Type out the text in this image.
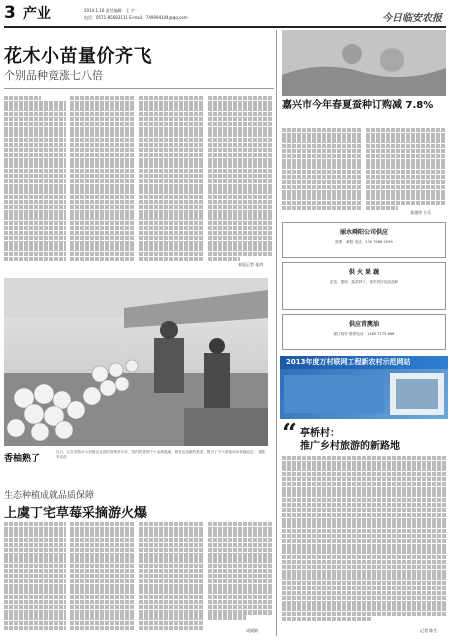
3 产业	2014.1.16 责任编辑：王 宇
电话：0571-85683111 E-mail：749094144@qq.com	今日临安农报
花木小苗量价齐飞
个别品种竟涨七八倍
本报记者 张鸿
香柚熟了
近日，江苏常熟市大河镇农业园的香柚获丰收，园内的香柚个个金黄饱满，散发出清新的果香，吸引了不少游客前来采摘品尝。 摄影 李忠浩
生态种植成就品质保障
上虞丁宅草莓采摘游火爆
成娟娟
嘉兴市今年春夏蚕种订购减 7.8%
张建伟 方乐
丽水舜阳公司供应
联系：黄阳 电话：139 7068 2099
供 火 果 蔬
花苗、果树、蔬菜种子，常年供应优质品种
供应青麂油
浙江临安 联系电话：1385 7179 868
2013年度万村联网工程新农村示范网站
“ 亭桥村：
推广乡村旅游的新路地
记者 陈生
